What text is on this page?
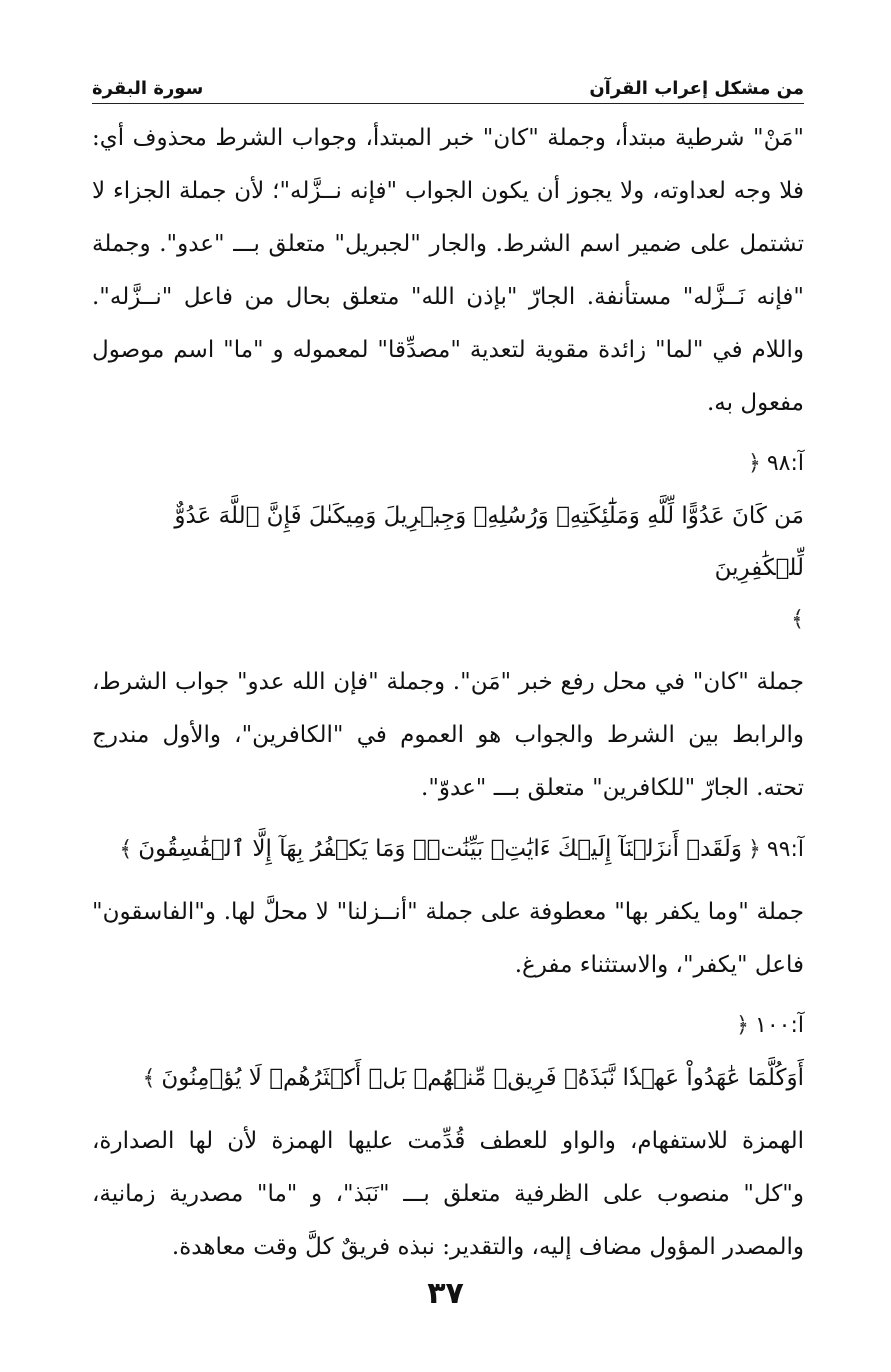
من مشكل إعراب القرآن
سورة البقرة

"مَنْ" شرطية مبتدأ، وجملة "كان" خبر المبتدأ، وجواب الشرط محذوف أي: فلا وجه لعداوته، ولا يجوز أن يكون الجواب "فإنه نــزَّله"؛ لأن جملة الجزاء لا تشتمل على ضمير اسم الشرط. والجار "لجبريل" متعلق بـــ "عدو". وجملة "فإنه نَــزَّله" مستأنفة. الجارّ "بإذن الله" متعلق بحال من فاعل "نــزَّله". واللام في "لما" زائدة مقوية لتعدية "مصدِّقا" لمعموله و "ما" اسم موصول مفعول به.

آ:٩٨
﴿
مَن كَانَ عَدُوًّا لِّلَّهِ وَمَلَٰٓئِكَتِهِۦ وَرُسُلِهِۦ وَجِبۡرِيلَ وَمِيكَىٰلَ فَإِنَّ ٱللَّهَ عَدُوٌّ لِّلۡكَٰفِرِينَ
﴾

جملة "كان" في محل رفع خبر "مَن". وجملة "فإن الله عدو" جواب الشرط، والرابط بين الشرط والجواب هو العموم في "الكافرين"، والأول مندرج تحته. الجارّ "للكافرين" متعلق بـــ "عدوّ".

آ:٩٩
﴿
وَلَقَدۡ أَنزَلۡنَآ إِلَيۡكَ ءَايَٰتِۭ بَيِّنَٰتٖۖ وَمَا يَكۡفُرُ بِهَآ إِلَّا ٱلۡفَٰسِقُونَ
﴾

جملة "وما يكفر بها" معطوفة على جملة "أنــزلنا" لا محلَّ لها. و"الفاسقون" فاعل "يكفر"، والاستثناء مفرغ.

آ:١٠٠
﴿
أَوَكُلَّمَا عَٰهَدُواْ عَهۡدٗا نَّبَذَهُۥ فَرِيقٞ مِّنۡهُمۚ بَلۡ أَكۡثَرُهُمۡ لَا يُؤۡمِنُونَ
﴾

الهمزة للاستفهام، والواو للعطف قُدِّمت عليها الهمزة لأن لها الصدارة، و"كل" منصوب على الظرفية متعلق بـــ "نَبَذ"، و "ما" مصدرية زمانية، والمصدر المؤول مضاف إليه، والتقدير: نبذه فريقٌ كلَّ وقت معاهدة.

٣٧
